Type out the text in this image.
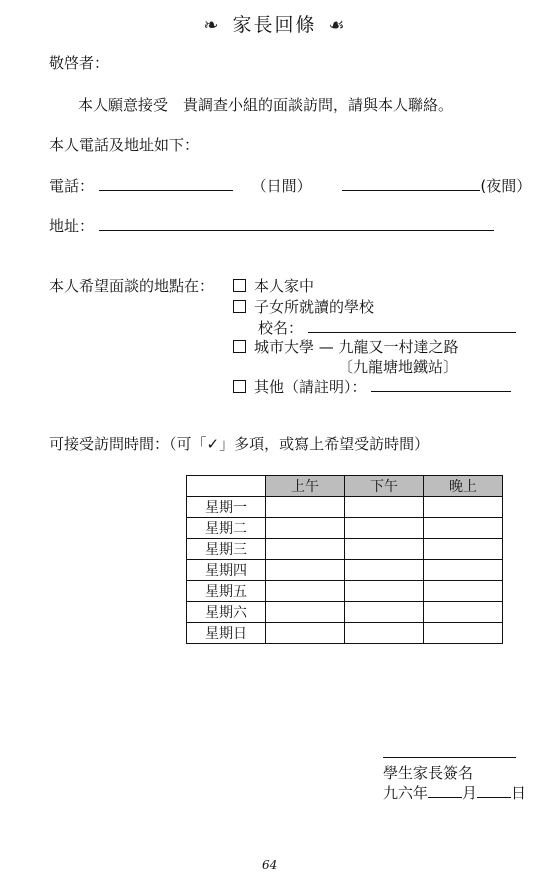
❧ 家長回條 ☙
敬啓者：
本人願意接受　貴調查小組的面談訪問，請與本人聯絡。
本人電話及地址如下：
電話：	（日間）	(夜間）
地址：
本人希望面談的地點在：	本人家中
子女所就讀的學校
校名：
城市大學 — 九龍又一村達之路
〔九龍塘地鐵站〕
其他（請註明）：
可接受訪問時間：（可「✓」多項，或寫上希望受訪時間）
	上午	下午	晚上
星期一			
星期二			
星期三			
星期四			
星期五			
星期六			
星期日			
學生家長簽名
九六年 月 日
64
